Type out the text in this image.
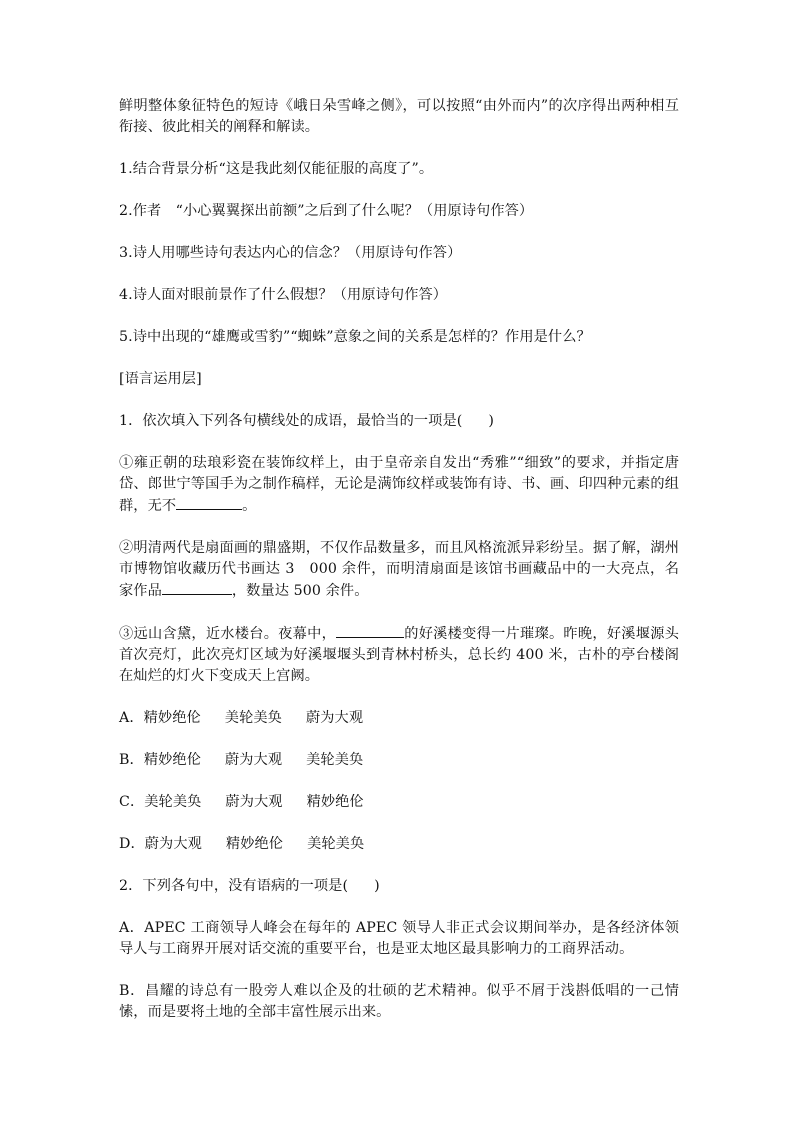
鲜明整体象征特色的短诗《峨日朵雪峰之侧》，可以按照“由外而内”的次序得出两种相互衔接、彼此相关的阐释和解读。

1.结合背景分析“这是我此刻仅能征服的高度了”。

2.作者　“小心翼翼探出前额”之后到了什么呢？（用原诗句作答）

3.诗人用哪些诗句表达内心的信念？（用原诗句作答）

4.诗人面对眼前景作了什么假想？（用原诗句作答）

5.诗中出现的“雄鹰或雪豹”“蜘蛛”意象之间的关系是怎样的？作用是什么？

[语言运用层]

1．依次填入下列各句横线处的成语，最恰当的一项是( )

①雍正朝的珐琅彩瓷在装饰纹样上，由于皇帝亲自发出“秀雅”“细致”的要求，并指定唐岱、郎世宁等国手为之制作稿样，无论是满饰纹样或装饰有诗、书、画、印四种元素的组群，无不	。

②明清两代是扇面画的鼎盛期，不仅作品数量多，而且风格流派异彩纷呈。据了解，湖州市博物馆收藏历代书画达 3　000 余件，而明清扇面是该馆书画藏品中的一大亮点，名家作品	，数量达 500 余件。

③远山含黛，近水楼台。夜幕中，	的好溪楼变得一片璀璨。昨晚，好溪堰源头首次亮灯，此次亮灯区域为好溪堰堰头到青林村桥头，总长约 400 米，古朴的亭台楼阁在灿烂的灯火下变成天上宫阙。

A．精妙绝伦 美轮美奂 蔚为大观

B．精妙绝伦 蔚为大观 美轮美奂

C．美轮美奂 蔚为大观 精妙绝伦

D．蔚为大观 精妙绝伦 美轮美奂

2．下列各句中，没有语病的一项是( )

A．APEC 工商领导人峰会在每年的 APEC 领导人非正式会议期间举办，是各经济体领导人与工商界开展对话交流的重要平台，也是亚太地区最具影响力的工商界活动。

B．昌耀的诗总有一股旁人难以企及的壮硕的艺术精神。似乎不屑于浅斟低唱的一己情愫，而是要将土地的全部丰富性展示出来。
